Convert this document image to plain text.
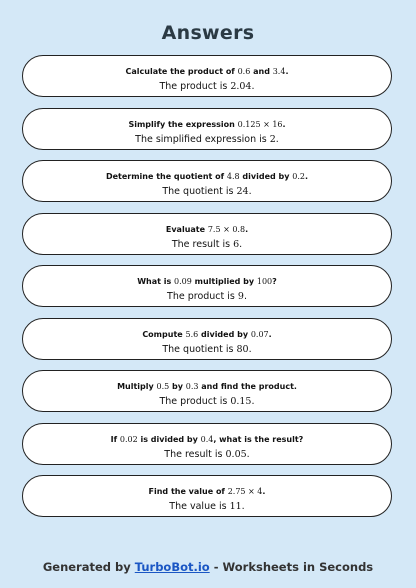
Answers
Calculate the product of 0.6 and 3.4.
The product is 2.04.
Simplify the expression 0.125 × 16.
The simplified expression is 2.
Determine the quotient of 4.8 divided by 0.2.
The quotient is 24.
Evaluate 7.5 × 0.8.
The result is 6.
What is 0.09 multiplied by 100?
The product is 9.
Compute 5.6 divided by 0.07.
The quotient is 80.
Multiply 0.5 by 0.3 and find the product.
The product is 0.15.
If 0.02 is divided by 0.4, what is the result?
The result is 0.05.
Find the value of 2.75 × 4.
The value is 11.
Generated by TurboBot.io - Worksheets in Seconds
